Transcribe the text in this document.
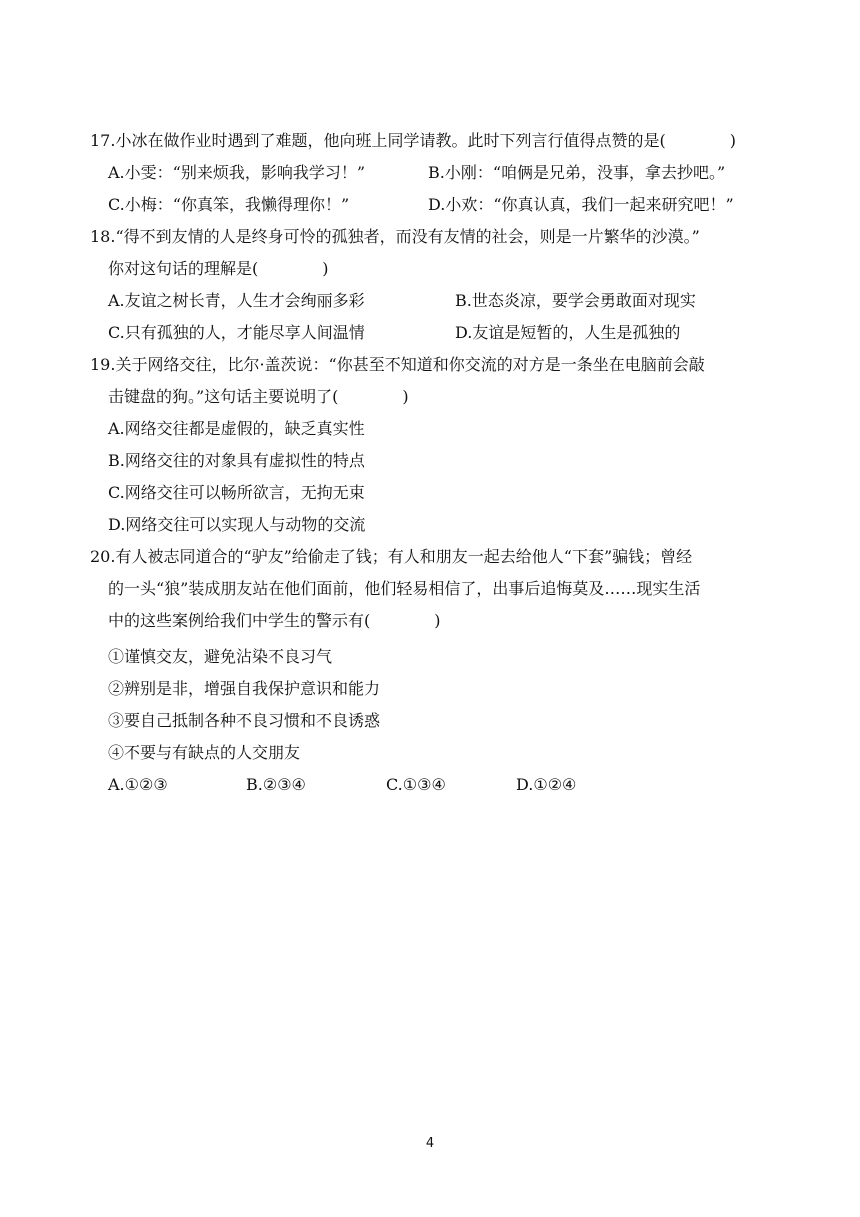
17.小冰在做作业时遇到了难题，他向班上同学请教。此时下列言行值得点赞的是(　　　　)
A.小雯：“别来烦我，影响我学习！”	B.小刚：“咱俩是兄弟，没事，拿去抄吧。”
C.小梅：“你真笨，我懒得理你！”	D.小欢：“你真认真，我们一起来研究吧！”
18.“得不到友情的人是终身可怜的孤独者，而没有友情的社会，则是一片繁华的沙漠。”
你对这句话的理解是(　　　　)
A.友谊之树长青，人生才会绚丽多彩	B.世态炎凉，要学会勇敢面对现实
C.只有孤独的人，才能尽享人间温情	D.友谊是短暂的，人生是孤独的
19.关于网络交往，比尔·盖茨说：“你甚至不知道和你交流的对方是一条坐在电脑前会敲
击键盘的狗。”这句话主要说明了(　　　　)
A.网络交往都是虚假的，缺乏真实性
B.网络交往的对象具有虚拟性的特点
C.网络交往可以畅所欲言，无拘无束
D.网络交往可以实现人与动物的交流
20.有人被志同道合的“驴友”给偷走了钱；有人和朋友一起去给他人“下套”骗钱；曾经
的一头“狼”装成朋友站在他们面前，他们轻易相信了，出事后追悔莫及……现实生活
中的这些案例给我们中学生的警示有(　　　　)
①谨慎交友，避免沾染不良习气
②辨别是非，增强自我保护意识和能力
③要自己抵制各种不良习惯和不良诱惑
④不要与有缺点的人交朋友
A.①②③	B.②③④	C.①③④	D.①②④
4
